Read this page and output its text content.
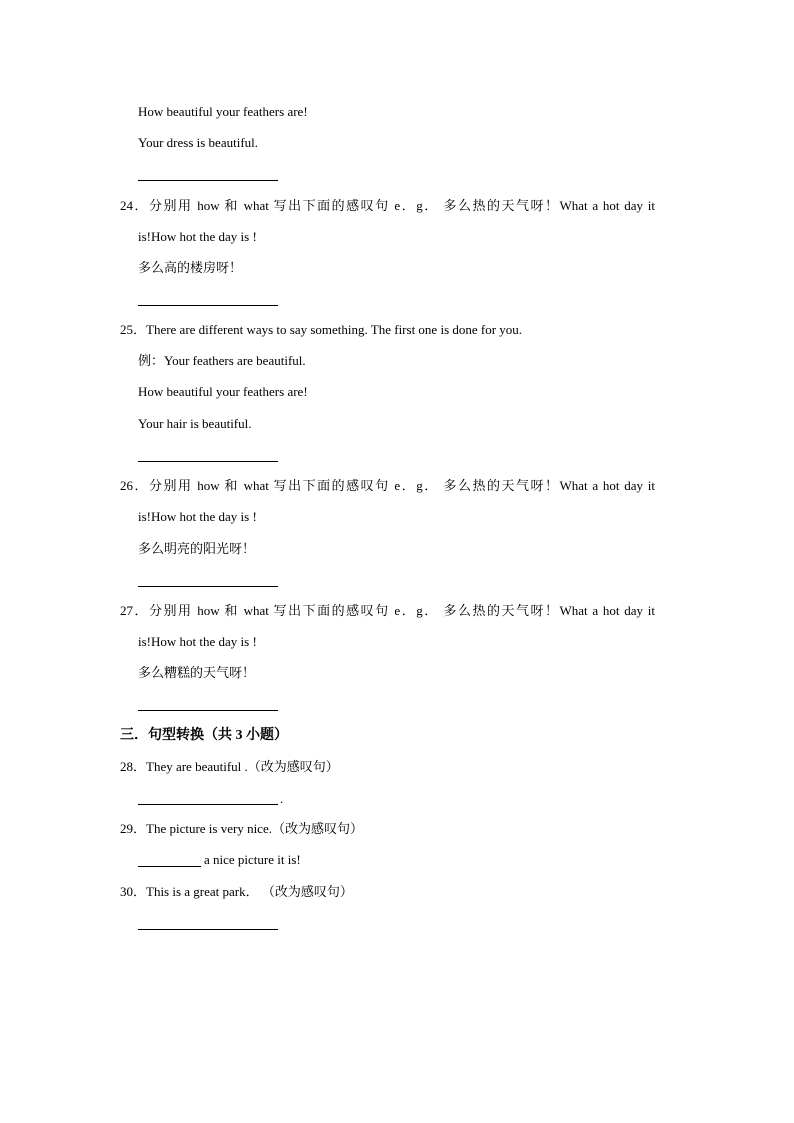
How beautiful your feathers are!
Your dress is beautiful.
24．分别用 how 和 what 写出下面的感叹句 e．g． 多么热的天气呀！What a hot day it
is!How hot the day is !
多么高的楼房呀！
25．There are different ways to say something. The first one is done for you.
例：Your feathers are beautiful.
How beautiful your feathers are!
Your hair is beautiful.
26．分别用 how 和 what 写出下面的感叹句 e．g． 多么热的天气呀！What a hot day it
is!How hot the day is !
多么明亮的阳光呀！
27．分别用 how 和 what 写出下面的感叹句 e．g． 多么热的天气呀！What a hot day it
is!How hot the day is !
多么糟糕的天气呀！
三．句型转换（共 3 小题）
28．They are beautiful .（改为感叹句）
.
29．The picture is very nice.（改为感叹句）
a nice picture it is!
30．This is a great park． （改为感叹句）
